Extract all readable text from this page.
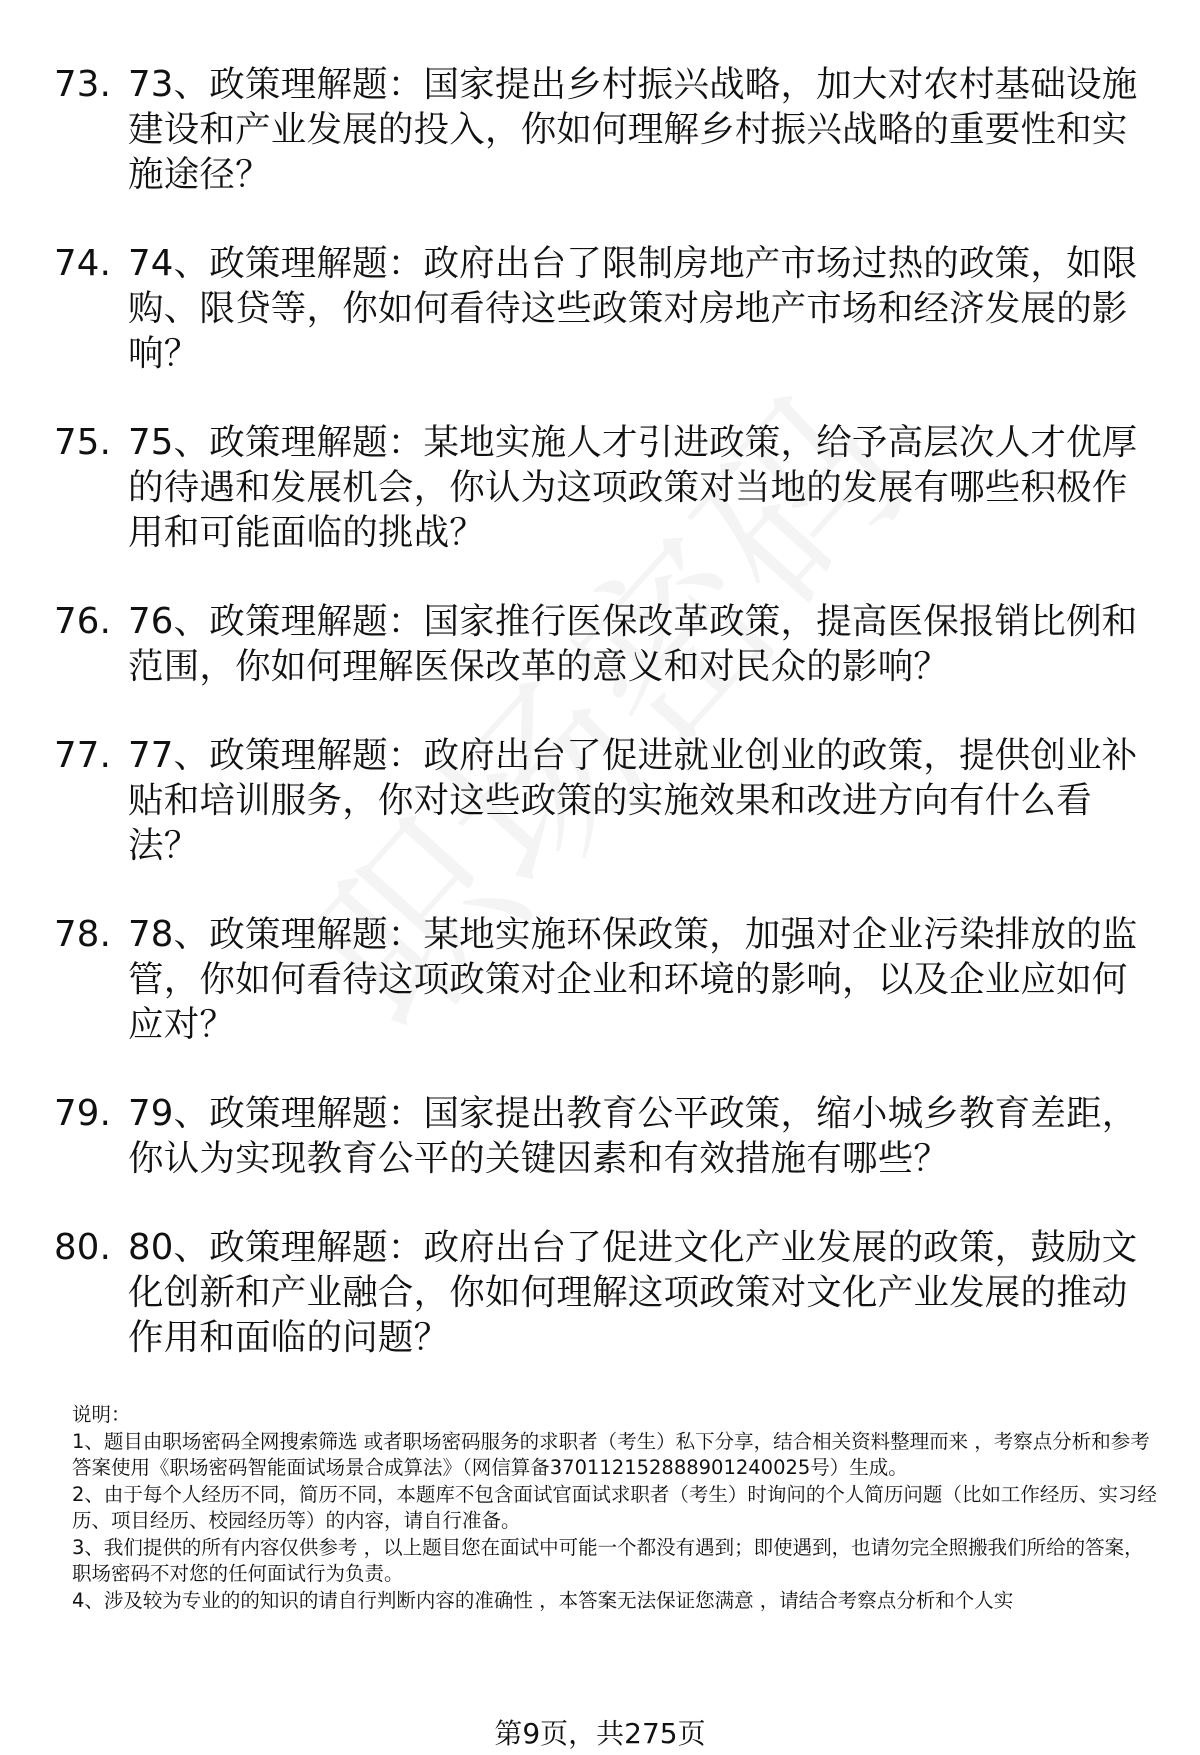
73. 73、政策理解题：国家提出乡村振兴战略，加大对农村基础设施建设和产业发展的投入，你如何理解乡村振兴战略的重要性和实施途径？
74. 74、政策理解题：政府出台了限制房地产市场过热的政策，如限购、限贷等，你如何看待这些政策对房地产市场和经济发展的影响？
75. 75、政策理解题：某地实施人才引进政策，给予高层次人才优厚的待遇和发展机会，你认为这项政策对当地的发展有哪些积极作用和可能面临的挑战？
76. 76、政策理解题：国家推行医保改革政策，提高医保报销比例和范围，你如何理解医保改革的意义和对民众的影响？
77. 77、政策理解题：政府出台了促进就业创业的政策，提供创业补贴和培训服务，你对这些政策的实施效果和改进方向有什么看法？
78. 78、政策理解题：某地实施环保政策，加强对企业污染排放的监管，你如何看待这项政策对企业和环境的影响，以及企业应如何应对？
79. 79、政策理解题：国家提出教育公平政策，缩小城乡教育差距，你认为实现教育公平的关键因素和有效措施有哪些？
80. 80、政策理解题：政府出台了促进文化产业发展的政策，鼓励文化创新和产业融合，你如何理解这项政策对文化产业发展的推动作用和面临的问题？

说明：

1、题目由职场密码全网搜索筛选 或者职场密码服务的求职者（考生）私下分享，结合相关资料整理而来 ，考察点分析和参考答案使用《职场密码智能面试场景合成算法》（网信算备37011215288890124002​5号）生成。

2、由于每个人经历不同，简历不同，本题库不包含面试官面试求职者（考生）时询问的个人简历问题（比如工作经历、实习经历、项目经历、校园经历等）的内容，请自行准备。

3、我们提供的所有内容仅供参考 ，以上题目您在面试中可能一个都没有遇到；即使遇到，也请勿完全照搬我们所给的答案，职场密码不对您的任何面试行为负责。

4、涉及较为专业的的知识的请自行判断内容的准确性 ，本答案无法保证您满意 ，请结合考察点分析和个人实

第9页，共275页
